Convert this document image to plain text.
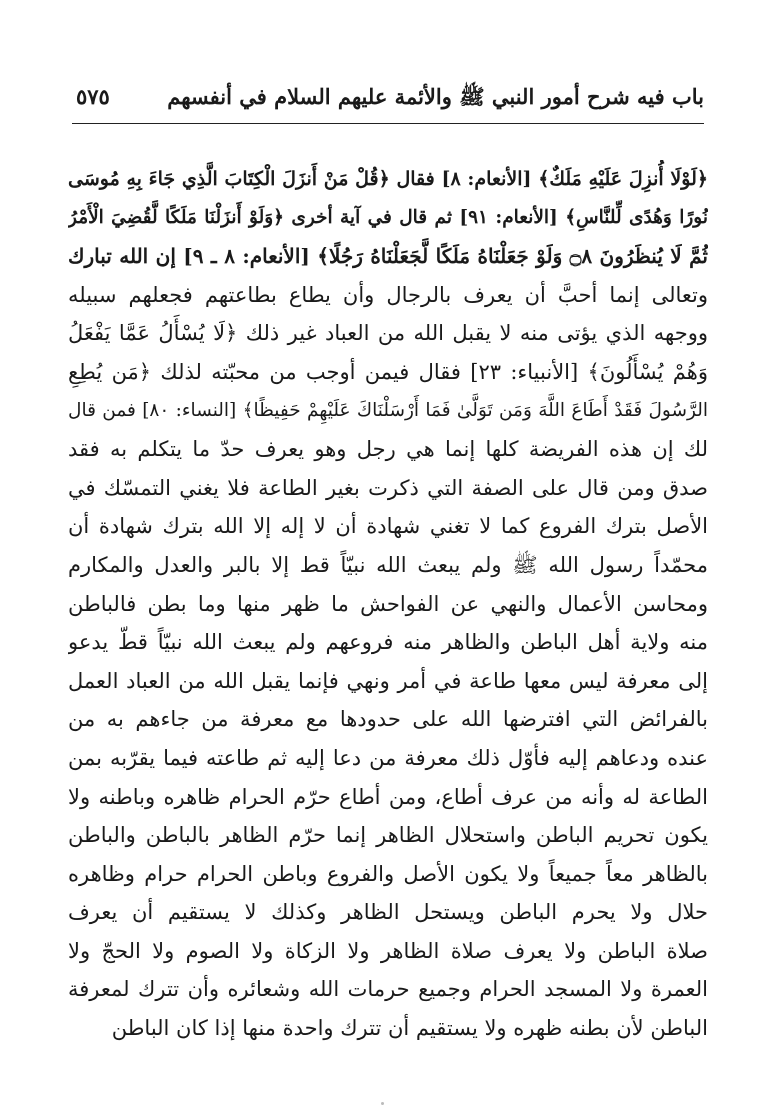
باب فيه شرح أمور النبي ﷺ والأئمة عليهم السلام في أنفسهم
٥٧٥
﴿لَوْلَا أُنزِلَ عَلَيْهِ مَلَكٌ﴾ [الأنعام: ٨] فقال ﴿قُلْ مَنْ أَنزَلَ الْكِتَابَ الَّذِي جَاءَ بِهِ مُوسَى
نُورًا وَهُدًى لِّلنَّاسِ﴾ [الأنعام: ٩١] ثم قال في آية أخرى ﴿وَلَوْ أَنزَلْنَا مَلَكًا لَّقُضِيَ الْأَمْرُ
ثُمَّ لَا يُنظَرُونَ ۝٨ وَلَوْ جَعَلْنَاهُ مَلَكًا لَّجَعَلْنَاهُ رَجُلًا﴾ [الأنعام: ٨ ـ ٩] إن الله تبارك
وتعالى إنما أحبَّ أن يعرف بالرجال وأن يطاع بطاعتهم فجعلهم سبيله
ووجهه الذي يؤتى منه لا يقبل الله من العباد غير ذلك ﴿لَا يُسْأَلُ عَمَّا يَفْعَلُ
وَهُمْ يُسْأَلُونَ﴾ [الأنبياء: ٢٣] فقال فيمن أوجب من محبّته لذلك ﴿مَن يُطِعِ
الرَّسُولَ فَقَدْ أَطَاعَ اللَّهَ وَمَن تَوَلَّىٰ فَمَا أَرْسَلْنَاكَ عَلَيْهِمْ حَفِيظًا﴾ [النساء: ٨٠] فمن قال
لك إن هذه الفريضة كلها إنما هي رجل وهو يعرف حدّ ما يتكلم به فقد
صدق ومن قال على الصفة التي ذكرت بغير الطاعة فلا يغني التمسّك في
الأصل بترك الفروع كما لا تغني شهادة أن لا إله إلا الله بترك شهادة أن
محمّداً رسول الله ﷺ ولم يبعث الله نبيّاً قط إلا بالبر والعدل والمكارم
ومحاسن الأعمال والنهي عن الفواحش ما ظهر منها وما بطن فالباطن
منه ولاية أهل الباطن والظاهر منه فروعهم ولم يبعث الله نبيّاً قطّ يدعو
إلى معرفة ليس معها طاعة في أمر ونهي فإنما يقبل الله من العباد العمل
بالفرائض التي افترضها الله على حدودها مع معرفة من جاءهم به من
عنده ودعاهم إليه فأوّل ذلك معرفة من دعا إليه ثم طاعته فيما يقرّبه بمن
الطاعة له وأنه من عرف أطاع، ومن أطاع حرّم الحرام ظاهره وباطنه ولا
يكون تحريم الباطن واستحلال الظاهر إنما حرّم الظاهر بالباطن والباطن
بالظاهر معاً جميعاً ولا يكون الأصل والفروع وباطن الحرام حرام وظاهره
حلال ولا يحرم الباطن ويستحل الظاهر وكذلك لا يستقيم أن يعرف
صلاة الباطن ولا يعرف صلاة الظاهر ولا الزكاة ولا الصوم ولا الحجّ ولا
العمرة ولا المسجد الحرام وجميع حرمات الله وشعائره وأن تترك لمعرفة
الباطن لأن بطنه ظهره ولا يستقيم أن تترك واحدة منها إذا كان الباطن
